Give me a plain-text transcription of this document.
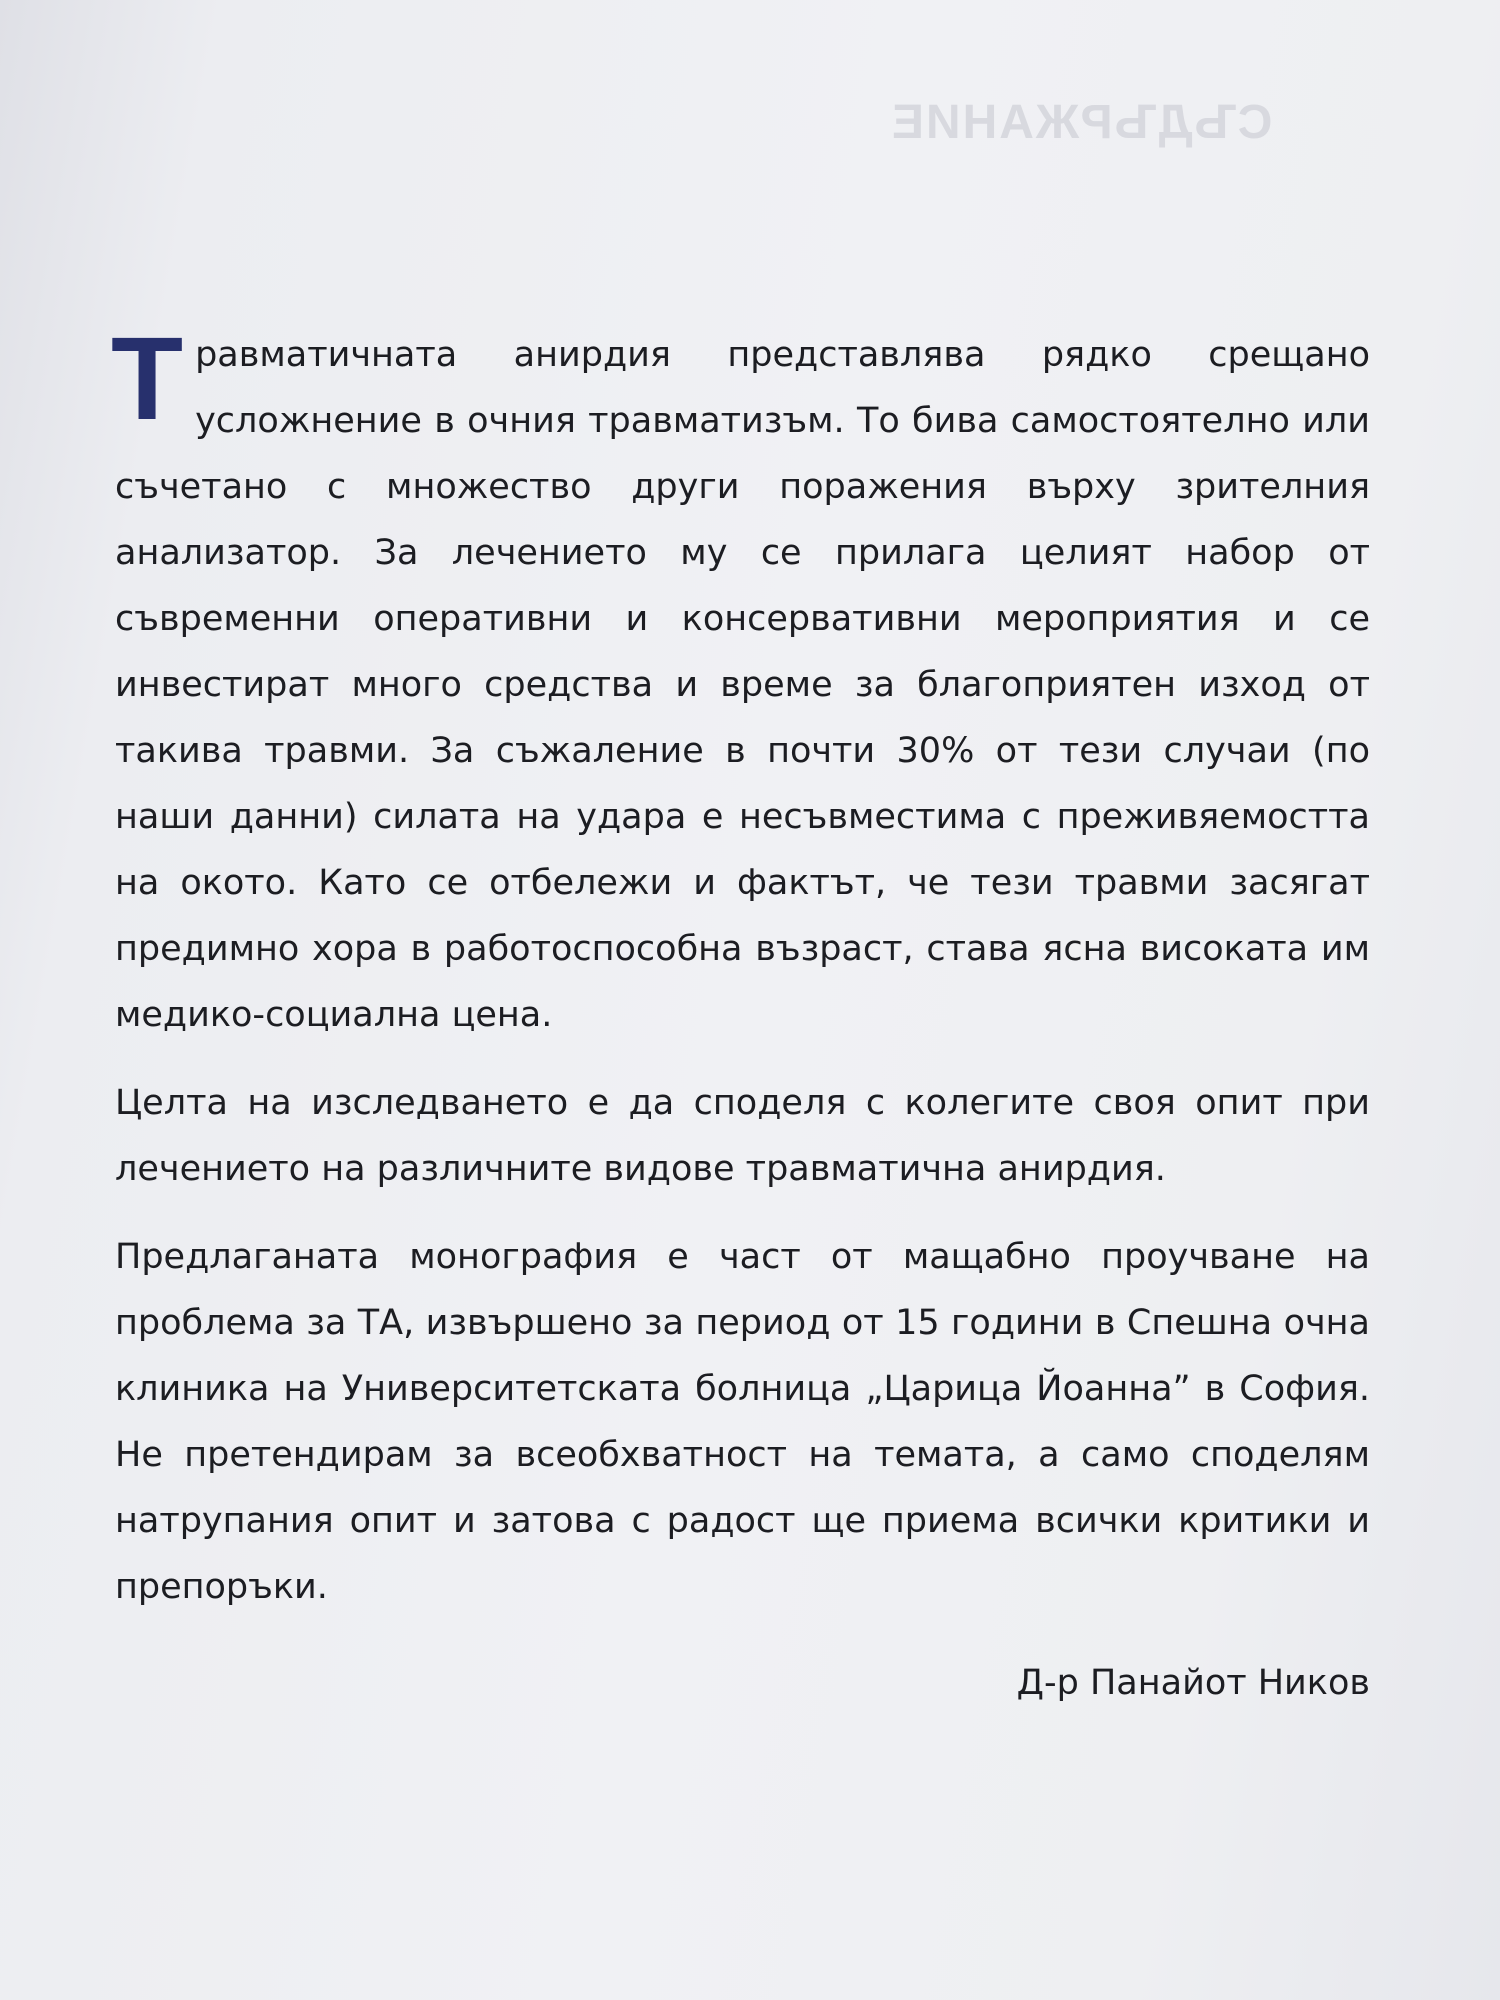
СЪДЪРЖАНИЕ

Т равматичната анирдия представлява рядко срещано усложнение в очния травматизъм. То бива самостоятелно или съчетано с множество други поражения върху зрителния анализатор. За лечението му се прилага целият набор от съвременни оперативни и консервативни мероприятия и се инвестират много средства и време за благоприятен изход от такива травми. За съжаление в почти 30% от тези случаи (по наши данни) силата на удара е несъвместима с преживяемостта на окото. Като се отбележи и фактът, че тези травми засягат предимно хора в работоспособна възраст, става ясна високата им медико-социална цена.

Целта на изследването е да споделя с колегите своя опит при лечението на различните видове травматична анирдия.

Предлаганата монография е част от мащабно проучване на проблема за ТА, извършено за период от 15 години в Спешна очна клиника на Университетската болница „Царица Йоанна” в София. Не претендирам за всеобхватност на темата, а само споделям натрупания опит и затова с радост ще приема всички критики и препоръки.

Д-р Панайот Ников
